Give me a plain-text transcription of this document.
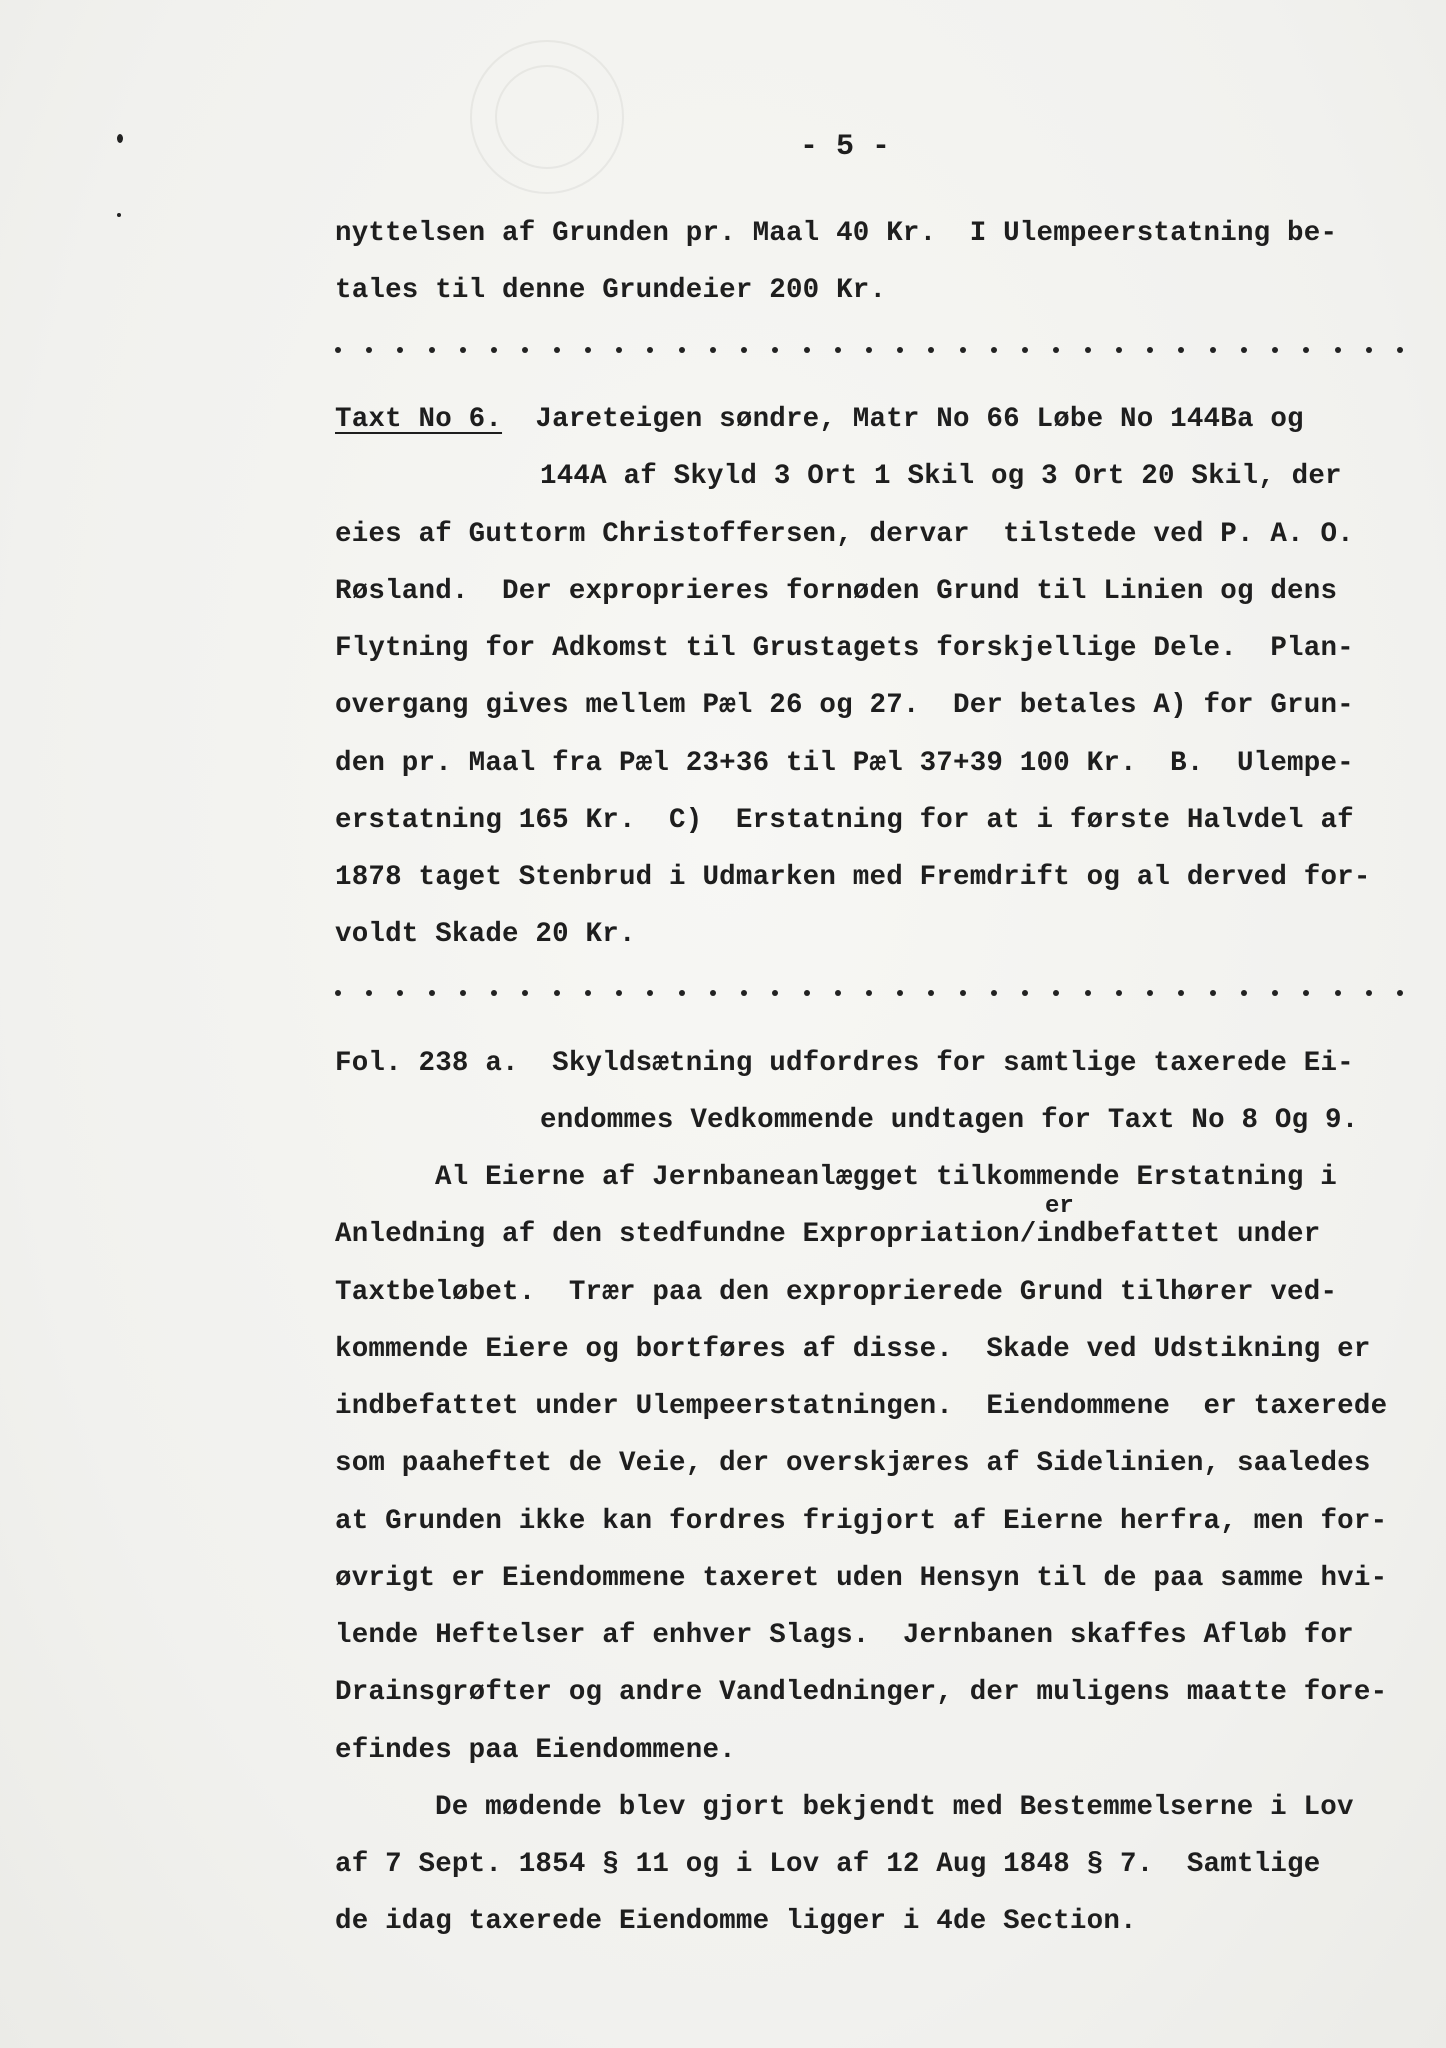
- 5 -
nyttelsen af Grunden pr. Maal 40 Kr.  I Ulempeerstatning be-
tales til denne Grundeier 200 Kr.
Taxt No 6.  Jareteigen søndre, Matr No 66 Løbe No 144Ba og
144A af Skyld 3 Ort 1 Skil og 3 Ort 20 Skil, der
eies af Guttorm Christoffersen, dervar  tilstede ved P. A. O.
Røsland.  Der exproprieres fornøden Grund til Linien og dens
Flytning for Adkomst til Grustagets forskjellige Dele.  Plan-
overgang gives mellem Pæl 26 og 27.  Der betales A) for Grun-
den pr. Maal fra Pæl 23+36 til Pæl 37+39 100 Kr.  B.  Ulempe-
erstatning 165 Kr.  C)  Erstatning for at i første Halvdel af
1878 taget Stenbrud i Udmarken med Fremdrift og al derved for-
voldt Skade 20 Kr.
Fol. 238 a.  Skyldsætning udfordres for samtlige taxerede Ei-
endommes Vedkommende undtagen for Taxt No 8 Og 9.
Al Eierne af Jernbaneanlægget tilkommende Erstatning i
er
Anledning af den stedfundne Expropriation/indbefattet under
Taxtbeløbet.  Trær paa den exproprierede Grund tilhører ved-
kommende Eiere og bortføres af disse.  Skade ved Udstikning er
indbefattet under Ulempeerstatningen.  Eiendommene  er taxerede
som paaheftet de Veie, der overskjæres af Sidelinien, saaledes
at Grunden ikke kan fordres frigjort af Eierne herfra, men for-
øvrigt er Eiendommene taxeret uden Hensyn til de paa samme hvi-
lende Heftelser af enhver Slags.  Jernbanen skaffes Afløb for
Drainsgrøfter og andre Vandledninger, der muligens maatte fore-
efindes paa Eiendommene.
De mødende blev gjort bekjendt med Bestemmelserne i Lov
af 7 Sept. 1854 § 11 og i Lov af 12 Aug 1848 § 7.  Samtlige
de idag taxerede Eiendomme ligger i 4de Section.
